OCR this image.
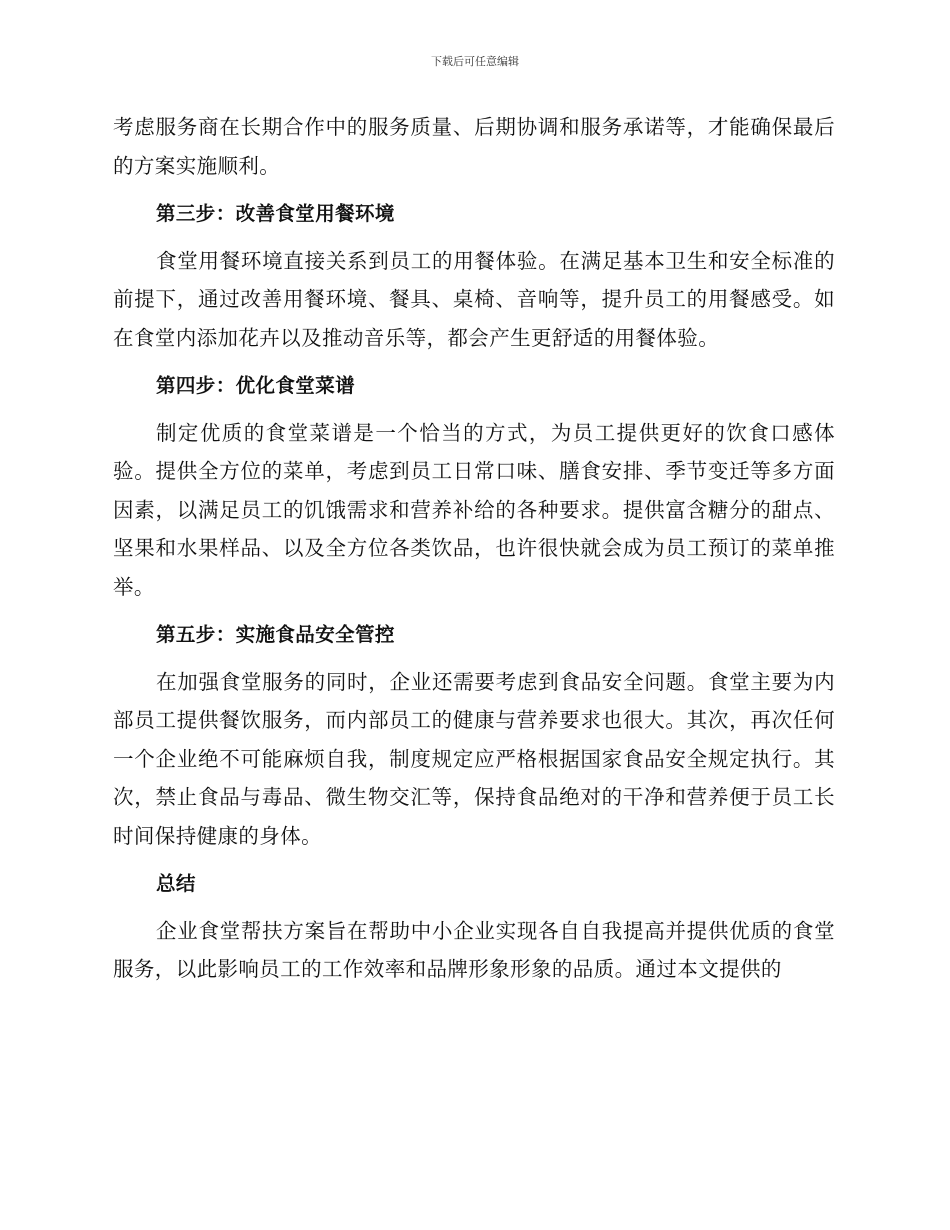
下载后可任意编辑

考虑服务商在长期合作中的服务质量、后期协调和服务承诺等，才能确保最后的方案实施顺利。

第三步：改善食堂用餐环境

食堂用餐环境直接关系到员工的用餐体验。在满足基本卫生和安全标准的前提下，通过改善用餐环境、餐具、桌椅、音响等，提升员工的用餐感受。如在食堂内添加花卉以及推动音乐等，都会产生更舒适的用餐体验。

第四步：优化食堂菜谱

制定优质的食堂菜谱是一个恰当的方式，为员工提供更好的饮食口感体验。提供全方位的菜单，考虑到员工日常口味、膳食安排、季节变迁等多方面因素，以满足员工的饥饿需求和营养补给的各种要求。提供富含糖分的甜点、坚果和水果样品、以及全方位各类饮品，也许很快就会成为员工预订的菜单推举。

第五步：实施食品安全管控

在加强食堂服务的同时，企业还需要考虑到食品安全问题。食堂主要为内部员工提供餐饮服务，而内部员工的健康与营养要求也很大。其次，再次任何一个企业绝不可能麻烦自我，制度规定应严格根据国家食品安全规定执行。其次，禁止食品与毒品、微生物交汇等，保持食品绝对的干净和营养便于员工长时间保持健康的身体。

总结

企业食堂帮扶方案旨在帮助中小企业实现各自自我提高并提供优质的食堂服务，以此影响员工的工作效率和品牌形象形象的品质。通过本文提供的
